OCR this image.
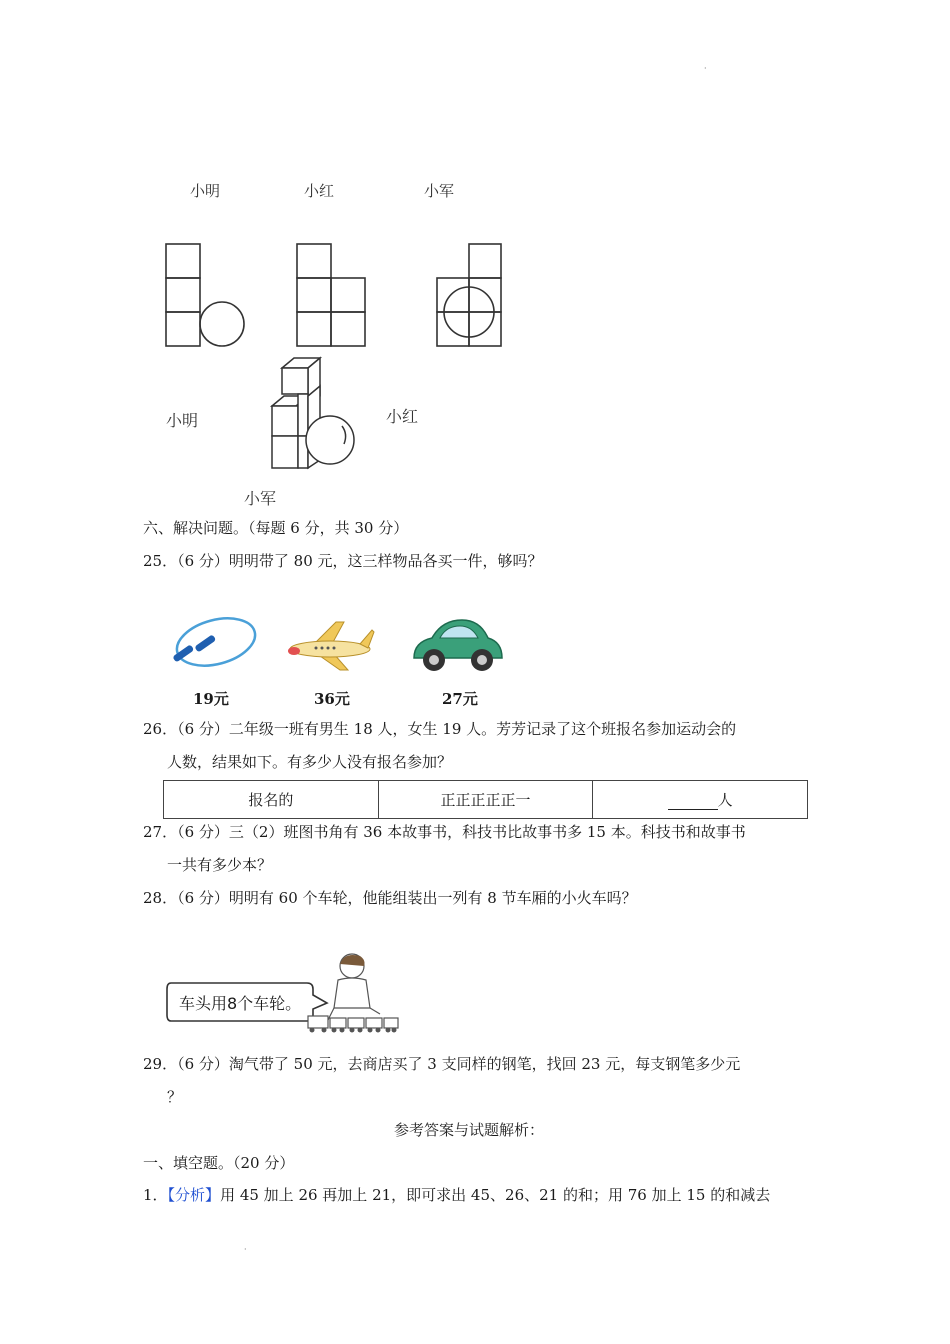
·
·
小明	小红	小军
小明	小红
小军
六、解决问题。（每题 6 分，共 30 分）
25．（6 分）明明带了 80 元，这三样物品各买一件，够吗？
19元	36元	27元
26．（6 分）二年级一班有男生 18 人，女生 19 人。芳芳记录了这个班报名参加运动会的
人数，结果如下。有多少人没有报名参加？
报名的	正正正正正一	人
27．（6 分）三（2）班图书角有 36 本故事书，科技书比故事书多 15 本。科技书和故事书
一共有多少本？
28．（6 分）明明有 60 个车轮，他能组装出一列有 8 节车厢的小火车吗？
车头用8个车轮。
29．（6 分）淘气带了 50 元，去商店买了 3 支同样的钢笔，找回 23 元，每支钢笔多少元
？
参考答案与试题解析：
一、填空题。（20 分）
1．【分析】用 45 加上 26 再加上 21，即可求出 45、26、21 的和；用 76 加上 15 的和减去
